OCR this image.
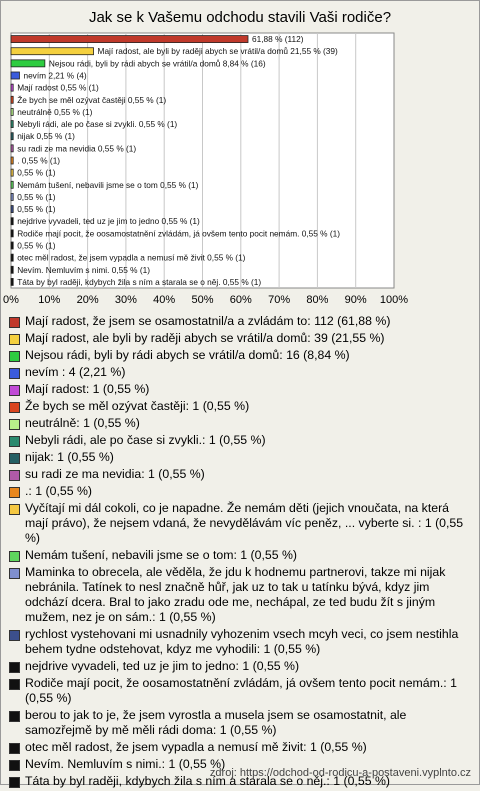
Jak se k Vašemu odchodu stavili Vaši rodiče?
0% 10% 20% 30% 40% 50% 60% 70% 80% 90% 100%
61,88 % (112)
Mají radost, ale byli by raději abych se vrátil/a domů 21,55 % (39)
Nejsou rádi, byli by rádi abych se vrátil/a domů 8,84 % (16)
nevím 2,21 % (4)
Mají radost 0,55 % (1)
Že bych se měl ozývat častěji 0,55 % (1)
neutrálně 0,55 % (1)
Nebyli rádi, ale po čase si zvykli. 0,55 % (1)
nijak 0,55 % (1)
su radi ze ma nevidia 0,55 % (1)
. 0,55 % (1)
0,55 % (1)
Nemám tušení, nebavili jsme se o tom 0,55 % (1)
0,55 % (1)
0,55 % (1)
nejdrive vyvadeli, ted uz je jim to jedno 0,55 % (1)
Rodiče mají pocit, že oosamostatnění zvládám, já ovšem tento pocit nemám. 0,55 % (1)
0,55 % (1)
otec měl radost, že jsem vypadla a nemusí mě živit 0,55 % (1)
Nevím. Nemluvím s nimi. 0,55 % (1)
Táta by byl raději, kdybych žila s ním a starala se o něj. 0,55 % (1)
Mají radost, že jsem se osamostatnil/a a zvládám to: 112 (61,88 %)
Mají radost, ale byli by raději abych se vrátil/a domů: 39 (21,55 %)
Nejsou rádi, byli by rádi abych se vrátil/a domů: 16 (8,84 %)
nevím : 4 (2,21 %)
Mají radost: 1 (0,55 %)
Že bych se měl ozývat častěji: 1 (0,55 %)
neutrálně: 1 (0,55 %)
Nebyli rádi, ale po čase si zvykli.: 1 (0,55 %)
nijak: 1 (0,55 %)
su radi ze ma nevidia: 1 (0,55 %)
.: 1 (0,55 %)
Vyčítají mi dál cokoli, co je napadne. Že nemám děti (jejich vnoučata, na která mají právo), že nejsem vdaná, že nevydělávám víc peněz, ... vyberte si. : 1 (0,55 %)
Nemám tušení, nebavili jsme se o tom: 1 (0,55 %)
Maminka to obrecela, ale věděla, že jdu k hodnemu partnerovi, takze mi nijak nebránila. Tatínek to nesl značně hůř, jak uz to tak u tatínku bývá, kdyz jim odchází dcera. Bral to jako zradu ode me, nechápal, ze ted budu žít s jiným mužem, nez je on sám.: 1 (0,55 %)
rychlost vystehovani mi usnadnily vyhozenim vsech mcyh veci, co jsem nestihla behem tydne odstehovat, kdyz me vyhodili: 1 (0,55 %)
nejdrive vyvadeli, ted uz je jim to jedno: 1 (0,55 %)
Rodiče mají pocit, že oosamostatnění zvládám, já ovšem tento pocit nemám.: 1 (0,55 %)
berou to jak to je, že jsem vyrostla a musela jsem se osamostatnit, ale samozřejmě by mě měli rádi doma: 1 (0,55 %)
otec měl radost, že jsem vypadla a nemusí mě živit: 1 (0,55 %)
Nevím. Nemluvím s nimi.: 1 (0,55 %)
Táta by byl raději, kdybych žila s ním a starala se o něj.: 1 (0,55 %)
zdroj: https://odchod-od-rodicu-a-postaveni.vyplnto.cz
